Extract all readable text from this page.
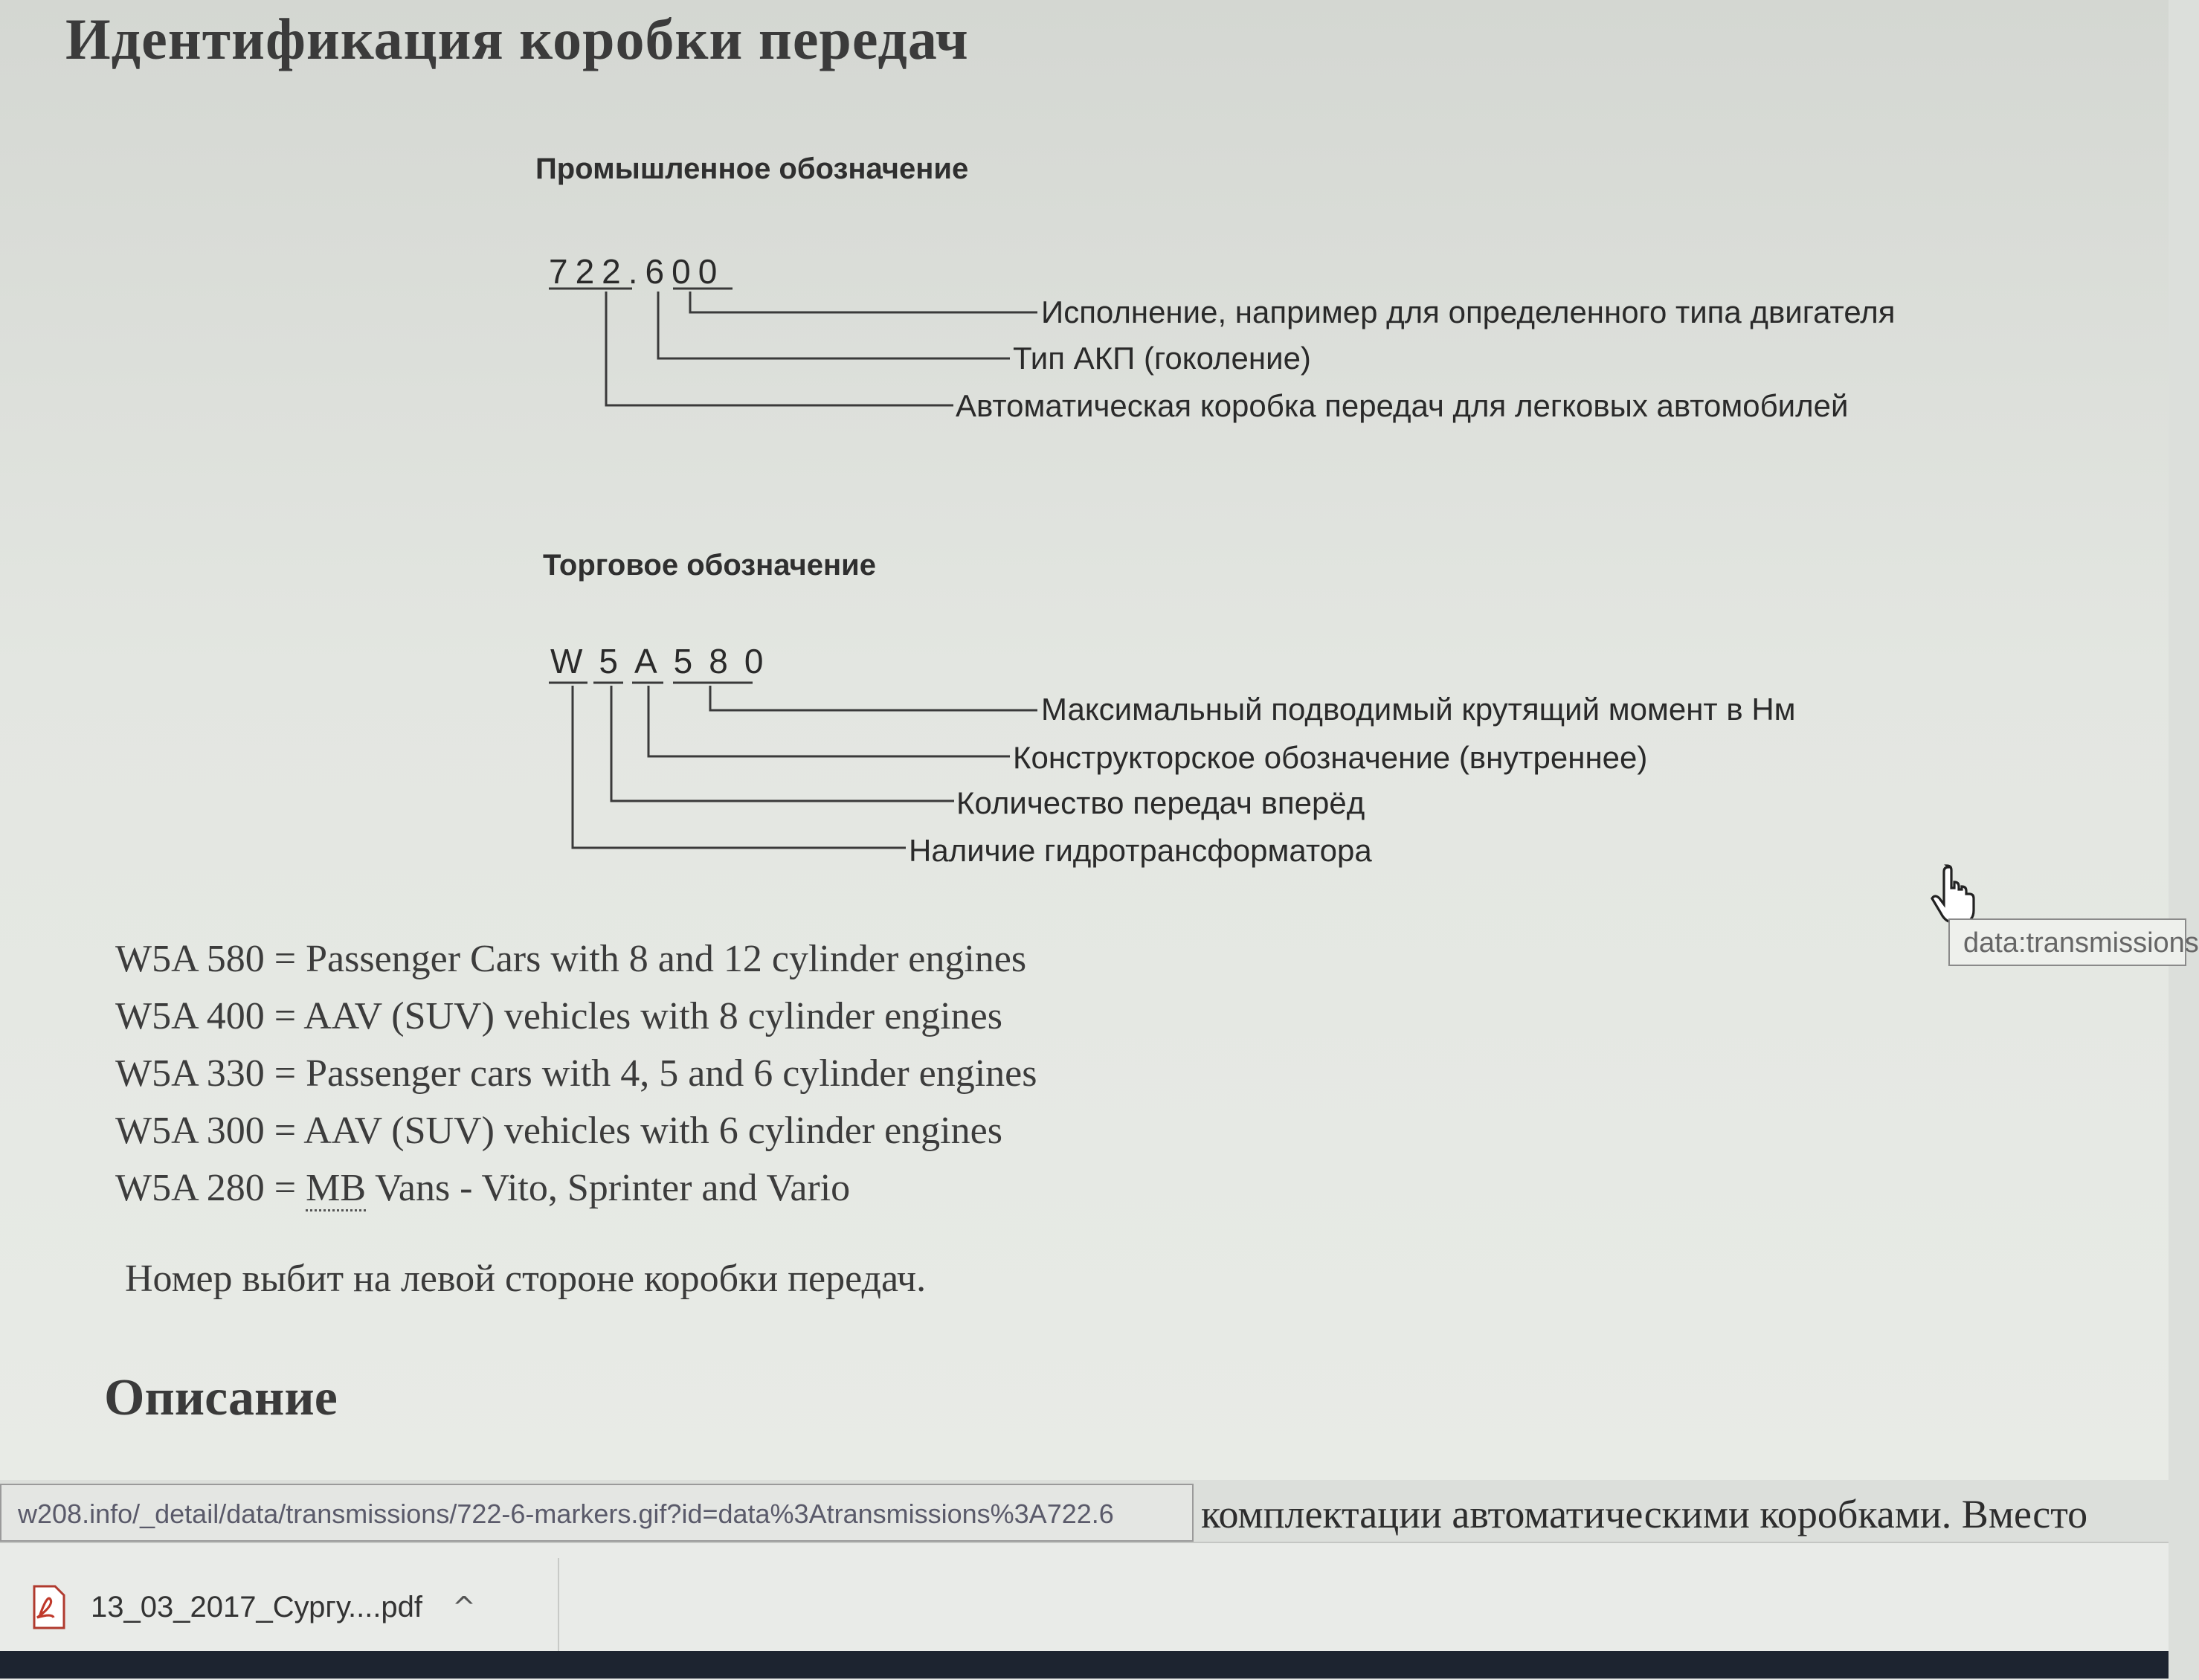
Идентификация коробки передач
Промышленное обозначение
722.600
Исполнение, например для определенного типа двигателя
Тип АКП (гоколение)
Автоматическая коробка передач для легковых автомобилей
Торговое обозначение
W5A580
Максимальный подводимый крутящий момент в Нм
Конструкторское обозначение (внутреннее)
Количество передач вперёд
Наличие гидротрансформатора
W5A 580 = Passenger Cars with 8 and 12 cylinder engines
W5A 400 = AAV (SUV) vehicles with 8 cylinder engines
W5A 330 = Passenger cars with 4, 5 and 6 cylinder engines
W5A 300 = AAV (SUV) vehicles with 6 cylinder engines
W5A 280 = MB Vans - Vito, Sprinter and Vario
Номер выбит на левой стороне коробки передач.
Описание
data:transmissions
w208.info/_detail/data/transmissions/722-6-markers.gif?id=data%3Atransmissions%3A722.6	комплектации автоматическими коробками. Вместо
13_03_2017_Сургу....pdf ^
